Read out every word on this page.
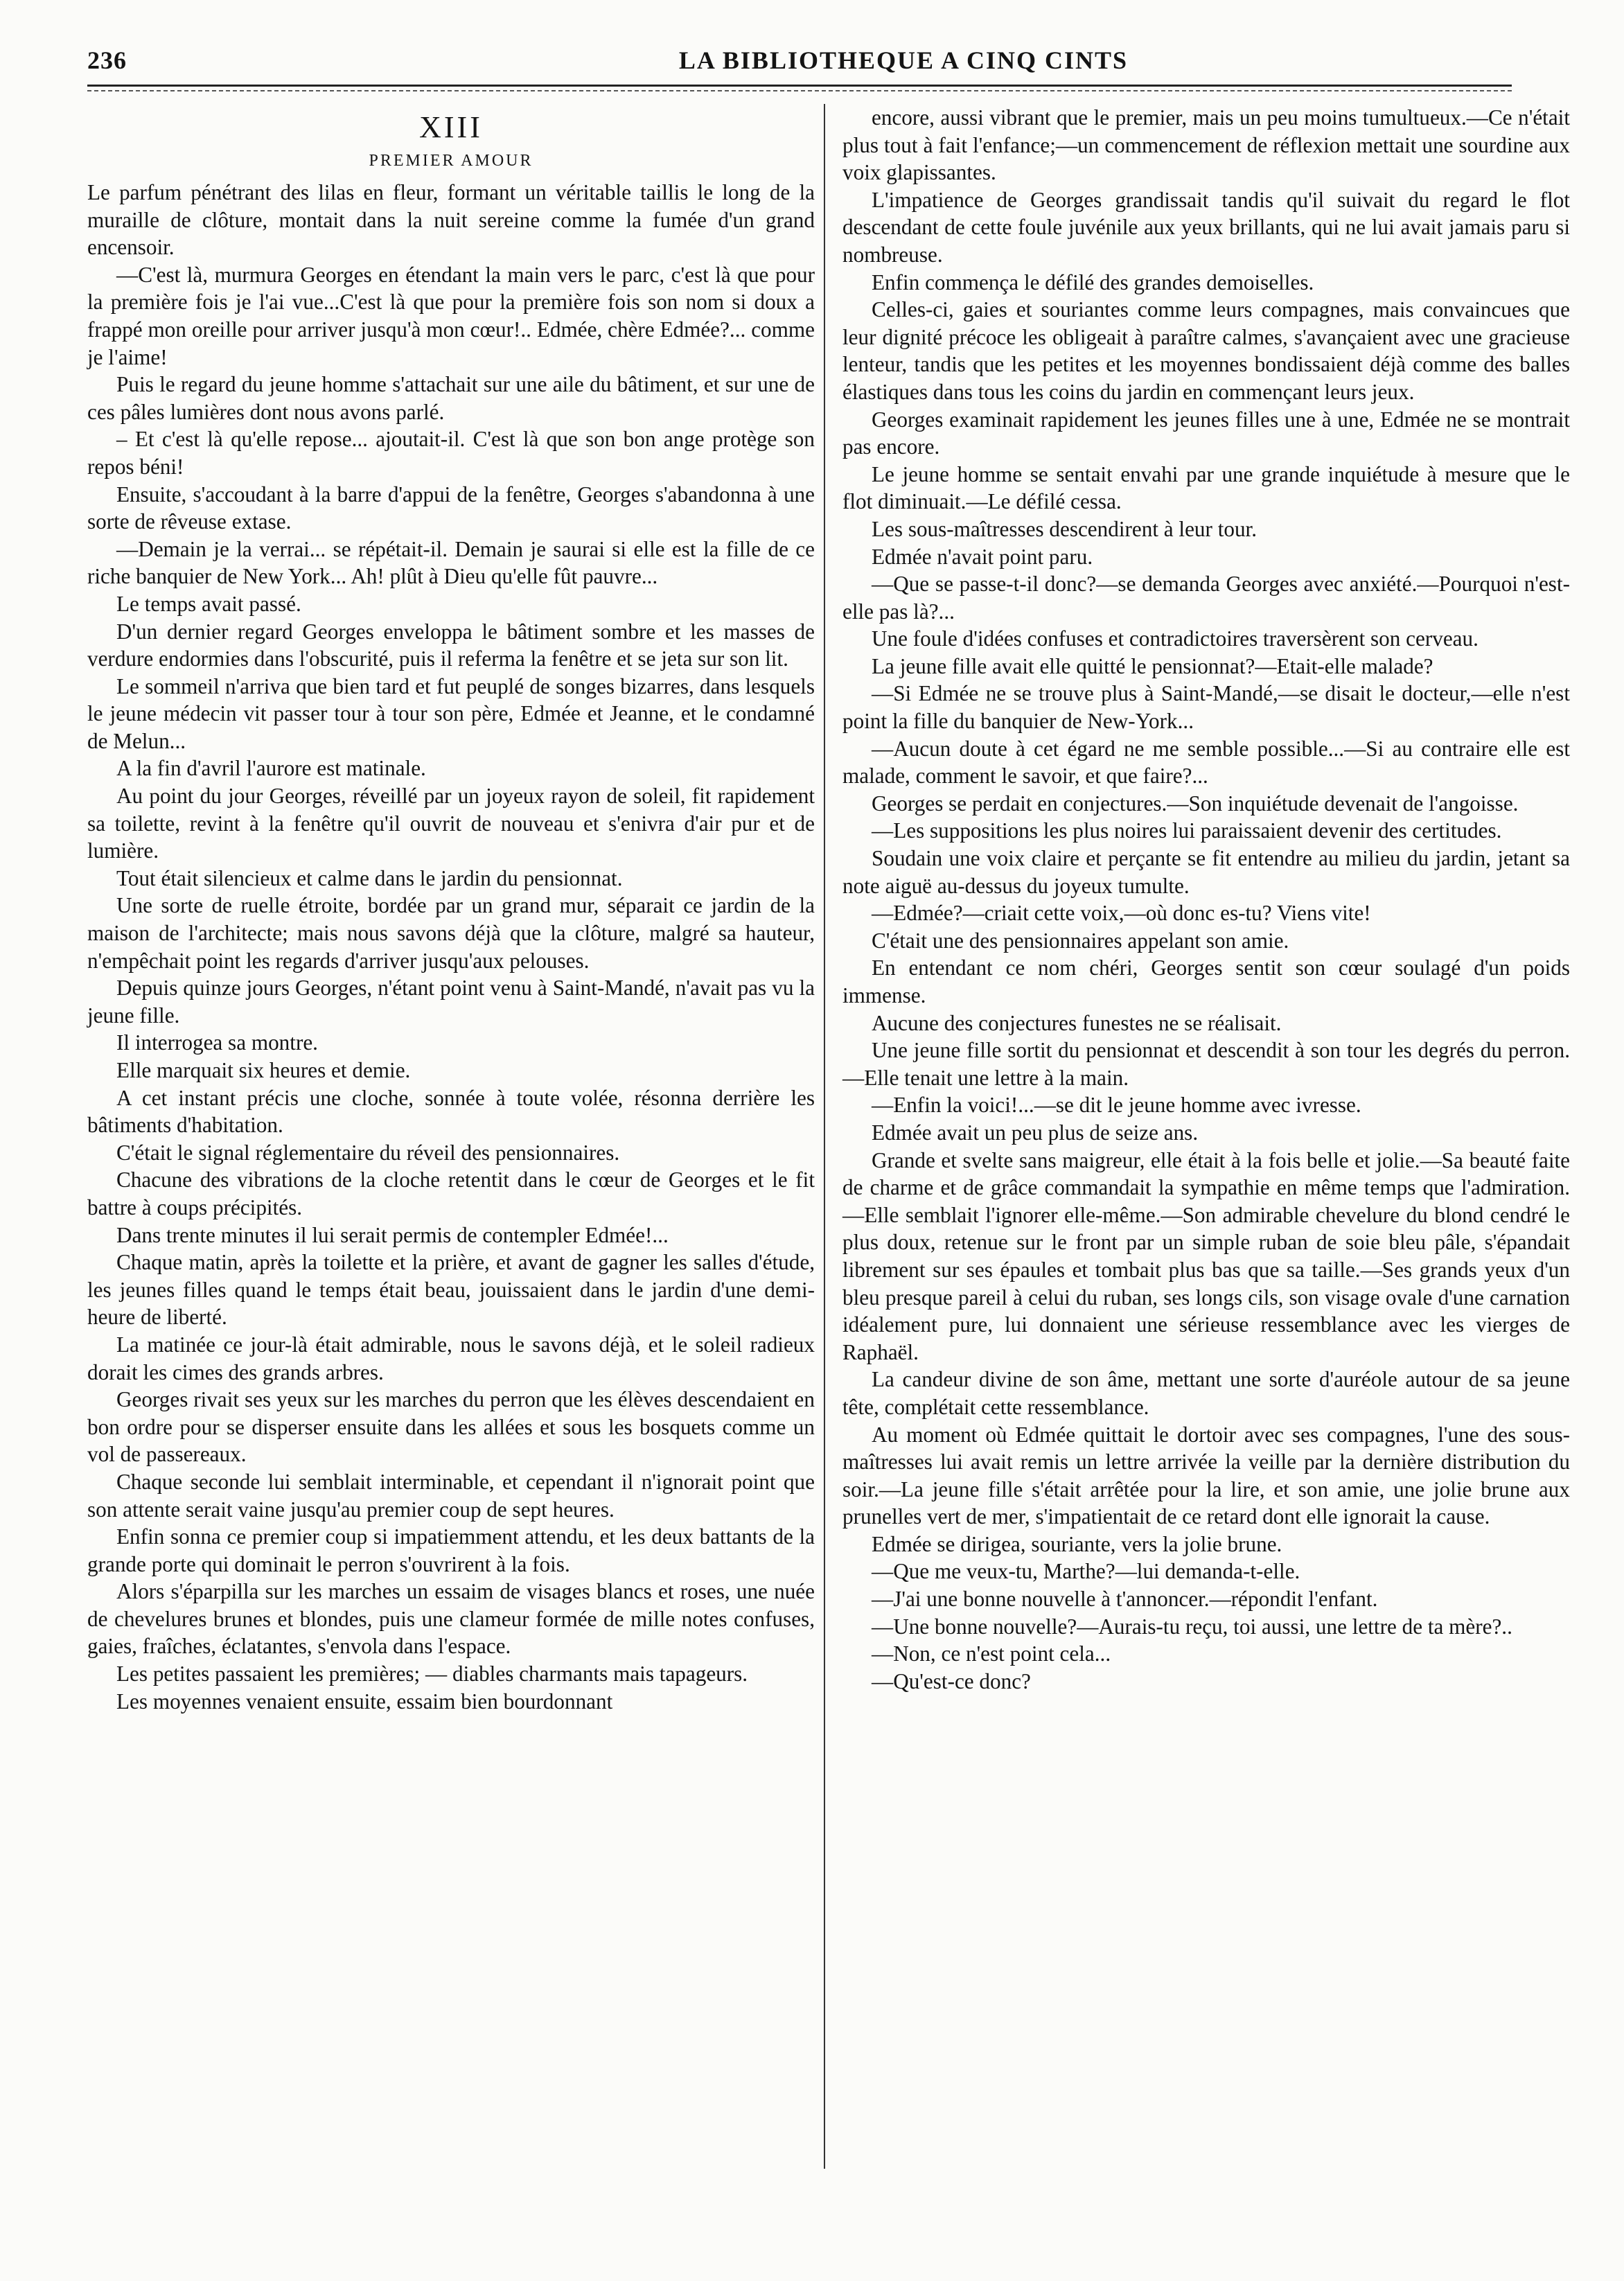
236	LA BIBLIOTHEQUE A CINQ CINTS
XIII
PREMIER AMOUR

Le parfum pénétrant des lilas en fleur, formant un véritable taillis le long de la muraille de clôture, montait dans la nuit sereine comme la fumée d'un grand encensoir.

—C'est là, murmura Georges en étendant la main vers le parc, c'est là que pour la première fois je l'ai vue...C'est là que pour la première fois son nom si doux a frappé mon oreille pour arriver jusqu'à mon cœur!.. Edmée, chère Edmée?... comme je l'aime!

Puis le regard du jeune homme s'attachait sur une aile du bâtiment, et sur une de ces pâles lumières dont nous avons parlé.

– Et c'est là qu'elle repose... ajoutait-il. C'est là que son bon ange protège son repos béni!

Ensuite, s'accoudant à la barre d'appui de la fenêtre, Georges s'abandonna à une sorte de rêveuse extase.

—Demain je la verrai... se répétait-il. Demain je saurai si elle est la fille de ce riche banquier de New York... Ah! plût à Dieu qu'elle fût pauvre...

Le temps avait passé.

D'un dernier regard Georges enveloppa le bâtiment sombre et les masses de verdure endormies dans l'obscurité, puis il referma la fenêtre et se jeta sur son lit.

Le sommeil n'arriva que bien tard et fut peuplé de songes bizarres, dans lesquels le jeune médecin vit passer tour à tour son père, Edmée et Jeanne, et le condamné de Melun...

A la fin d'avril l'aurore est matinale.

Au point du jour Georges, réveillé par un joyeux rayon de soleil, fit rapidement sa toilette, revint à la fenêtre qu'il ouvrit de nouveau et s'enivra d'air pur et de lumière.

Tout était silencieux et calme dans le jardin du pensionnat.

Une sorte de ruelle étroite, bordée par un grand mur, séparait ce jardin de la maison de l'architecte; mais nous savons déjà que la clôture, malgré sa hauteur, n'empêchait point les regards d'arriver jusqu'aux pelouses.

Depuis quinze jours Georges, n'étant point venu à Saint-Mandé, n'avait pas vu la jeune fille.

Il interrogea sa montre.

Elle marquait six heures et demie.

A cet instant précis une cloche, sonnée à toute volée, résonna derrière les bâtiments d'habitation.

C'était le signal réglementaire du réveil des pensionnaires.

Chacune des vibrations de la cloche retentit dans le cœur de Georges et le fit battre à coups précipités.

Dans trente minutes il lui serait permis de contempler Edmée!...

Chaque matin, après la toilette et la prière, et avant de gagner les salles d'étude, les jeunes filles quand le temps était beau, jouissaient dans le jardin d'une demi-heure de liberté.

La matinée ce jour-là était admirable, nous le savons déjà, et le soleil radieux dorait les cimes des grands arbres.

Georges rivait ses yeux sur les marches du perron que les élèves descendaient en bon ordre pour se disperser ensuite dans les allées et sous les bosquets comme un vol de passereaux.

Chaque seconde lui semblait interminable, et cependant il n'ignorait point que son attente serait vaine jusqu'au premier coup de sept heures.

Enfin sonna ce premier coup si impatiemment attendu, et les deux battants de la grande porte qui dominait le perron s'ouvrirent à la fois.

Alors s'éparpilla sur les marches un essaim de visages blancs et roses, une nuée de chevelures brunes et blondes, puis une clameur formée de mille notes confuses, gaies, fraîches, éclatantes, s'envola dans l'espace.

Les petites passaient les premières; — diables charmants mais tapageurs.

Les moyennes venaient ensuite, essaim bien bourdonnant

encore, aussi vibrant que le premier, mais un peu moins tumultueux.—Ce n'était plus tout à fait l'enfance;—un commencement de réflexion mettait une sourdine aux voix glapissantes.

L'impatience de Georges grandissait tandis qu'il suivait du regard le flot descendant de cette foule juvénile aux yeux brillants, qui ne lui avait jamais paru si nombreuse.

Enfin commença le défilé des grandes demoiselles.

Celles-ci, gaies et souriantes comme leurs compagnes, mais convaincues que leur dignité précoce les obligeait à paraître calmes, s'avançaient avec une gracieuse lenteur, tandis que les petites et les moyennes bondissaient déjà comme des balles élastiques dans tous les coins du jardin en commençant leurs jeux.

Georges examinait rapidement les jeunes filles une à une, Edmée ne se montrait pas encore.

Le jeune homme se sentait envahi par une grande inquiétude à mesure que le flot diminuait.—Le défilé cessa.

Les sous-maîtresses descendirent à leur tour.

Edmée n'avait point paru.

—Que se passe-t-il donc?—se demanda Georges avec anxiété.—Pourquoi n'est-elle pas là?...

Une foule d'idées confuses et contradictoires traversèrent son cerveau.

La jeune fille avait elle quitté le pensionnat?—Etait-elle malade?

—Si Edmée ne se trouve plus à Saint-Mandé,—se disait le docteur,—elle n'est point la fille du banquier de New-York...

—Aucun doute à cet égard ne me semble possible...—Si au contraire elle est malade, comment le savoir, et que faire?...

Georges se perdait en conjectures.—Son inquiétude devenait de l'angoisse.

—Les suppositions les plus noires lui paraissaient devenir des certitudes.

Soudain une voix claire et perçante se fit entendre au milieu du jardin, jetant sa note aiguë au-dessus du joyeux tumulte.

—Edmée?—criait cette voix,—où donc es-tu? Viens vite!

C'était une des pensionnaires appelant son amie.

En entendant ce nom chéri, Georges sentit son cœur soulagé d'un poids immense.

Aucune des conjectures funestes ne se réalisait.

Une jeune fille sortit du pensionnat et descendit à son tour les degrés du perron.—Elle tenait une lettre à la main.

—Enfin la voici!...—se dit le jeune homme avec ivresse.

Edmée avait un peu plus de seize ans.

Grande et svelte sans maigreur, elle était à la fois belle et jolie.—Sa beauté faite de charme et de grâce commandait la sympathie en même temps que l'admiration.—Elle semblait l'ignorer elle-même.—Son admirable chevelure du blond cendré le plus doux, retenue sur le front par un simple ruban de soie bleu pâle, s'épandait librement sur ses épaules et tombait plus bas que sa taille.—Ses grands yeux d'un bleu presque pareil à celui du ruban, ses longs cils, son visage ovale d'une carnation idéalement pure, lui donnaient une sérieuse ressemblance avec les vierges de Raphaël.

La candeur divine de son âme, mettant une sorte d'auréole autour de sa jeune tête, complétait cette ressemblance.

Au moment où Edmée quittait le dortoir avec ses compagnes, l'une des sous-maîtresses lui avait remis un lettre arrivée la veille par la dernière distribution du soir.—La jeune fille s'était arrêtée pour la lire, et son amie, une jolie brune aux prunelles vert de mer, s'impatientait de ce retard dont elle ignorait la cause.

Edmée se dirigea, souriante, vers la jolie brune.

—Que me veux-tu, Marthe?—lui demanda-t-elle.

—J'ai une bonne nouvelle à t'annoncer.—répondit l'enfant.

—Une bonne nouvelle?—Aurais-tu reçu, toi aussi, une lettre de ta mère?..

—Non, ce n'est point cela...

—Qu'est-ce donc?
